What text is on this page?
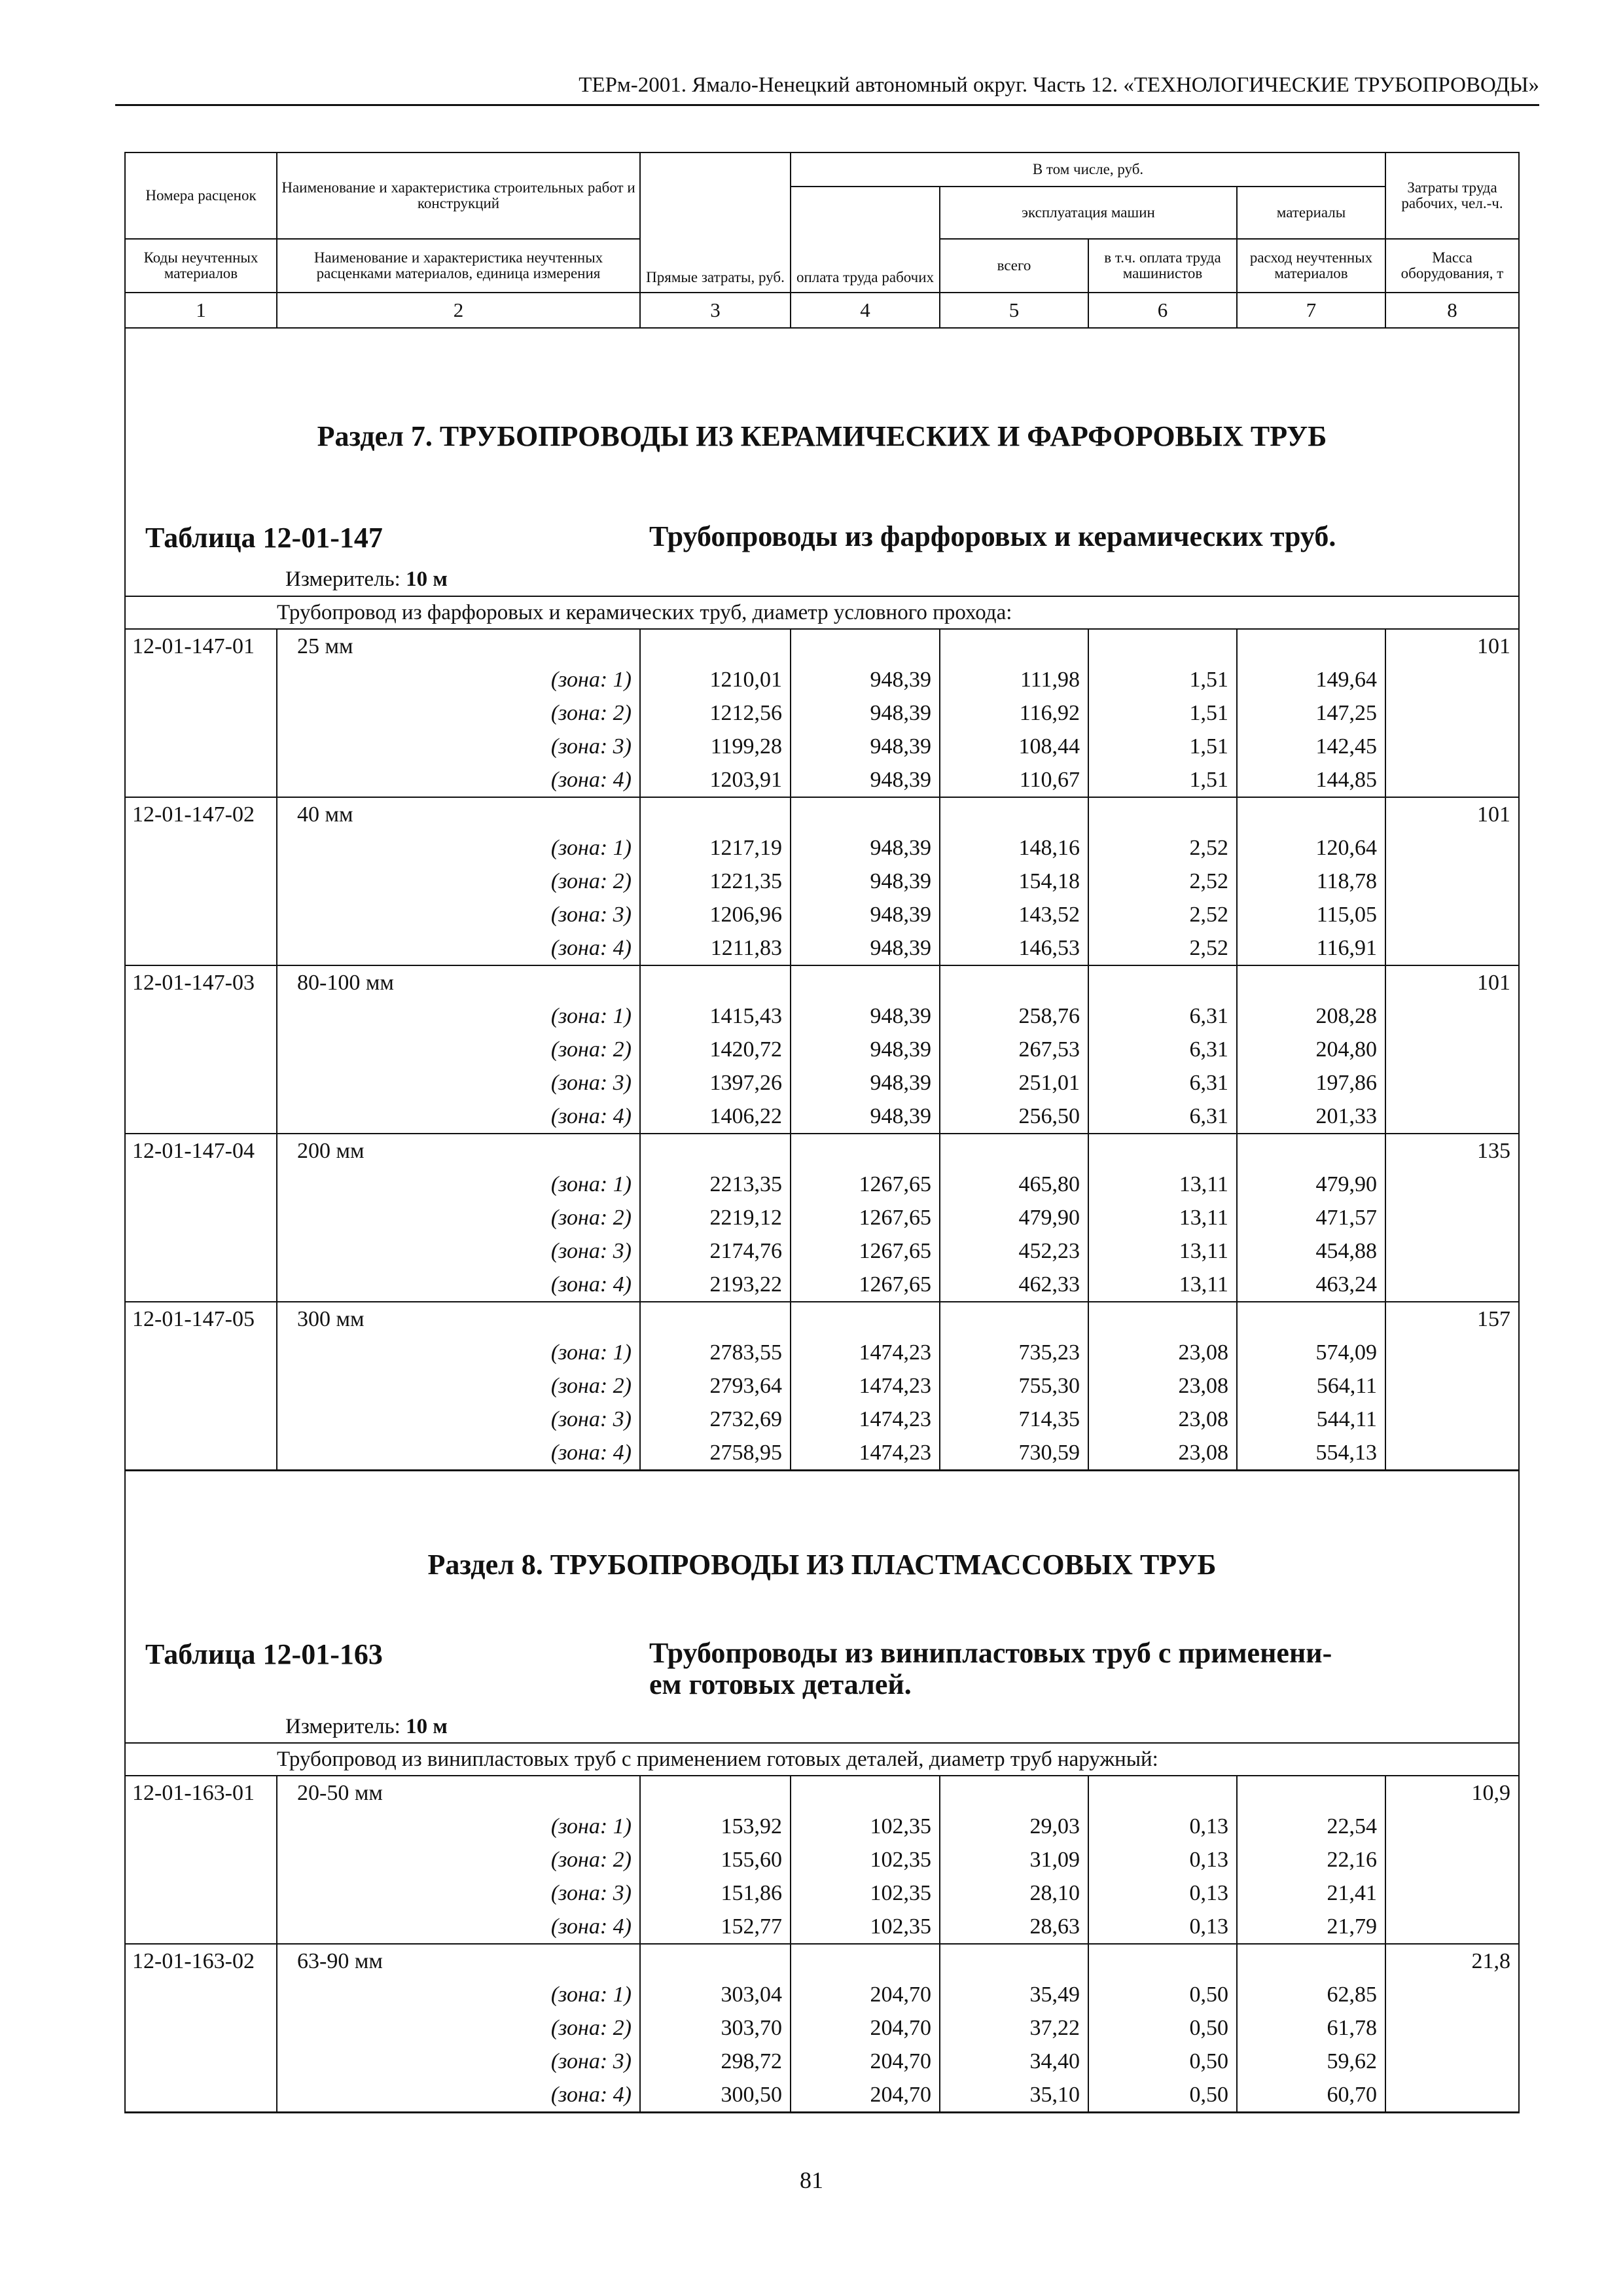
ТЕРм-2001. Ямало-Ненецкий автономный округ. Часть 12. «ТЕХНОЛОГИЧЕСКИЕ ТРУБОПРОВОДЫ»
Номера расценок	Наименование и характеристика строительных работ и конструкций	Прямые затраты, руб.	В том числе, руб.				Затраты труда рабочих, чел.-ч.
			оплата труда рабочих	эксплуатация машин		материалы	
Коды неучтенных материалов	Наименование и характеристика неучтенных расценками материалов, единица измерения			всего	в т.ч. оплата труда машинистов	расход неучтенных материалов	Масса оборудования, т
1	2	3	4	5	6	7	8
Раздел 7. ТРУБОПРОВОДЫ ИЗ КЕРАМИЧЕСКИХ И ФАРФОРОВЫХ ТРУБ							

Таблица 12-01-147 Трубопроводы из фарфоровых и керамических труб.							

Измеритель: 10 м							
	Трубопровод из фарфоровых и керамических труб, диаметр условного прохода:						
12-01-147-01	25 мм						101
	(зона: 1)	1210,01	948,39	111,98	1,51	149,64	
	(зона: 2)	1212,56	948,39	116,92	1,51	147,25	
	(зона: 3)	1199,28	948,39	108,44	1,51	142,45	
	(зона: 4)	1203,91	948,39	110,67	1,51	144,85	
12-01-147-02	40 мм						101
	(зона: 1)	1217,19	948,39	148,16	2,52	120,64	
	(зона: 2)	1221,35	948,39	154,18	2,52	118,78	
	(зона: 3)	1206,96	948,39	143,52	2,52	115,05	
	(зона: 4)	1211,83	948,39	146,53	2,52	116,91	
12-01-147-03	80-100 мм						101
	(зона: 1)	1415,43	948,39	258,76	6,31	208,28	
	(зона: 2)	1420,72	948,39	267,53	6,31	204,80	
	(зона: 3)	1397,26	948,39	251,01	6,31	197,86	
	(зона: 4)	1406,22	948,39	256,50	6,31	201,33	
12-01-147-04	200 мм						135
	(зона: 1)	2213,35	1267,65	465,80	13,11	479,90	
	(зона: 2)	2219,12	1267,65	479,90	13,11	471,57	
	(зона: 3)	2174,76	1267,65	452,23	13,11	454,88	
	(зона: 4)	2193,22	1267,65	462,33	13,11	463,24	
12-01-147-05	300 мм						157
	(зона: 1)	2783,55	1474,23	735,23	23,08	574,09	
	(зона: 2)	2793,64	1474,23	755,30	23,08	564,11	
	(зона: 3)	2732,69	1474,23	714,35	23,08	544,11	
	(зона: 4)	2758,95	1474,23	730,59	23,08	554,13	
Раздел 8. ТРУБОПРОВОДЫ ИЗ ПЛАСТМАССОВЫХ ТРУБ							

Таблица 12-01-163 Трубопроводы из винипластовых труб с применени-
ем готовых деталей.							

Измеритель: 10 м							
	Трубопровод из винипластовых труб с применением готовых деталей, диаметр труб наружный:						
12-01-163-01	20-50 мм						10,9
	(зона: 1)	153,92	102,35	29,03	0,13	22,54	
	(зона: 2)	155,60	102,35	31,09	0,13	22,16	
	(зона: 3)	151,86	102,35	28,10	0,13	21,41	
	(зона: 4)	152,77	102,35	28,63	0,13	21,79	
12-01-163-02	63-90 мм						21,8
	(зона: 1)	303,04	204,70	35,49	0,50	62,85	
	(зона: 2)	303,70	204,70	37,22	0,50	61,78	
	(зона: 3)	298,72	204,70	34,40	0,50	59,62	
	(зона: 4)	300,50	204,70	35,10	0,50	60,70	
81
